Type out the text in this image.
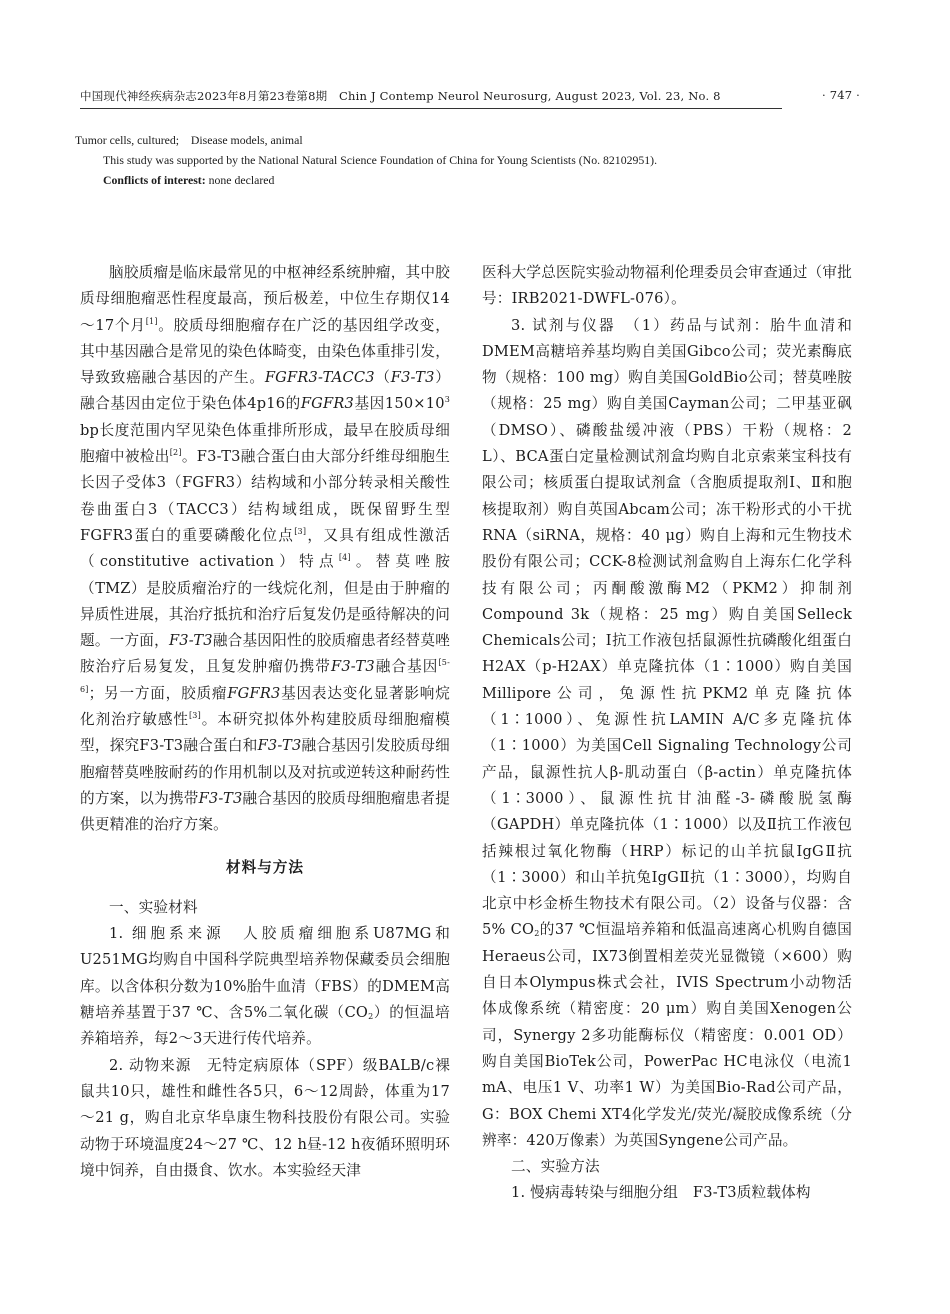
中国现代神经疾病杂志2023年8月第23卷第8期　Chin J Contemp Neurol Neurosurg, August 2023, Vol. 23, No. 8	· 747 ·

Tumor cells, cultured;　Disease models, animal

This study was supported by the National Natural Science Foundation of China for Young Scientists (No. 82102951).

Conflicts of interest: none declared

脑胶质瘤是临床最常见的中枢神经系统肿瘤，其中胶质母细胞瘤恶性程度最高，预后极差，中位生存期仅14～17个月[1]。胶质母细胞瘤存在广泛的基因组学改变，其中基因融合是常见的染色体畸变，由染色体重排引发，导致致癌融合基因的产生。FGFR3-TACC3（F3-T3）融合基因由定位于染色体4p16的FGFR3基因$150\times 10^3$ bp长度范围内罕见染色体重排所形成，最早在胶质母细胞瘤中被检出[2]。F3-T3融合蛋白由大部分纤维母细胞生长因子受体3（FGFR3）结构域和小部分转录相关酸性卷曲蛋白3（TACC3）结构域组成，既保留野生型FGFR3蛋白的重要磷酸化位点[3]，又具有组成性激活（constitutive activation）特点[4]。替莫唑胺（TMZ）是胶质瘤治疗的一线烷化剂，但是由于肿瘤的异质性进展，其治疗抵抗和治疗后复发仍是亟待解决的问题。一方面，F3-T3融合基因阳性的胶质瘤患者经替莫唑胺治疗后易复发，且复发肿瘤仍携带F3-T3融合基因[5-6]；另一方面，胶质瘤FGFR3基因表达变化显著影响烷化剂治疗敏感性[3]。本研究拟体外构建胶质母细胞瘤模型，探究F3-T3融合蛋白和F3-T3融合基因引发胶质母细胞瘤替莫唑胺耐药的作用机制以及对抗或逆转这种耐药性的方案，以为携带F3-T3融合基因的胶质母细胞瘤患者提供更精准的治疗方案。

材料与方法

一、实验材料

1. 细胞系来源　人胶质瘤细胞系U87MG和U251MG均购自中国科学院典型培养物保藏委员会细胞库。以含体积分数为10%胎牛血清（FBS）的DMEM高糖培养基置于37 ℃、含5%二氧化碳$(CO_2)$的恒温培养箱培养，每2～3天进行传代培养。

2. 动物来源　无特定病原体（SPF）级BALB/c裸鼠共10只，雄性和雌性各5只，6～12周龄，体重为17～21 g，购自北京华阜康生物科技股份有限公司。实验动物于环境温度24～27 ℃、12 h昼-12 h夜循环照明环境中饲养，自由摄食、饮水。本实验经天津

医科大学总医院实验动物福利伦理委员会审查通过（审批号：IRB2021-DWFL-076）。

3. 试剂与仪器　（1）药品与试剂：胎牛血清和DMEM高糖培养基均购自美国Gibco公司；荧光素酶底物（规格：100 mg）购自美国GoldBio公司；替莫唑胺（规格：25 mg）购自美国Cayman公司；二甲基亚砜（DMSO）、磷酸盐缓冲液（PBS）干粉（规格：2 L）、BCA蛋白定量检测试剂盒均购自北京索莱宝科技有限公司；核质蛋白提取试剂盒（含胞质提取剂Ⅰ、Ⅱ和胞核提取剂）购自英国Abcam公司；冻干粉形式的小干扰RNA（siRNA，规格：40 μg）购自上海和元生物技术股份有限公司；CCK-8检测试剂盒购自上海东仁化学科技有限公司；丙酮酸激酶M2（PKM2）抑制剂Compound 3k（规格：25 mg）购自美国Selleck Chemicals公司；Ⅰ抗工作液包括鼠源性抗磷酸化组蛋白H2AX（p-H2AX）单克隆抗体（1∶1000）购自美国Millipore公司，兔源性抗PKM2单克隆抗体（1∶1000）、兔源性抗LAMIN A/C多克隆抗体（1∶1000）为美国Cell Signaling Technology公司产品，鼠源性抗人β-肌动蛋白（β-actin）单克隆抗体（1∶3000）、鼠源性抗甘油醛-3-磷酸脱氢酶（GAPDH）单克隆抗体（1∶1000）以及Ⅱ抗工作液包括辣根过氧化物酶（HRP）标记的山羊抗鼠IgGⅡ抗（1∶3000）和山羊抗兔IgGⅡ抗（1∶3000），均购自北京中杉金桥生物技术有限公司。（2）设备与仪器：含5% $CO_2$的37 ℃恒温培养箱和低温高速离心机购自德国Heraeus公司，IX73倒置相差荧光显微镜（×600）购自日本Olympus株式会社，IVIS Spectrum小动物活体成像系统（精密度：20 μm）购自美国Xenogen公司，Synergy 2多功能酶标仪（精密度：0.001 OD）购自美国BioTek公司，PowerPac HC电泳仪（电流1 mA、电压1 V、功率1 W）为美国Bio-Rad公司产品，G：BOX Chemi XT4化学发光/荧光/凝胶成像系统（分辨率：420万像素）为英国Syngene公司产品。

二、实验方法

1. 慢病毒转染与细胞分组　F3-T3质粒载体构
